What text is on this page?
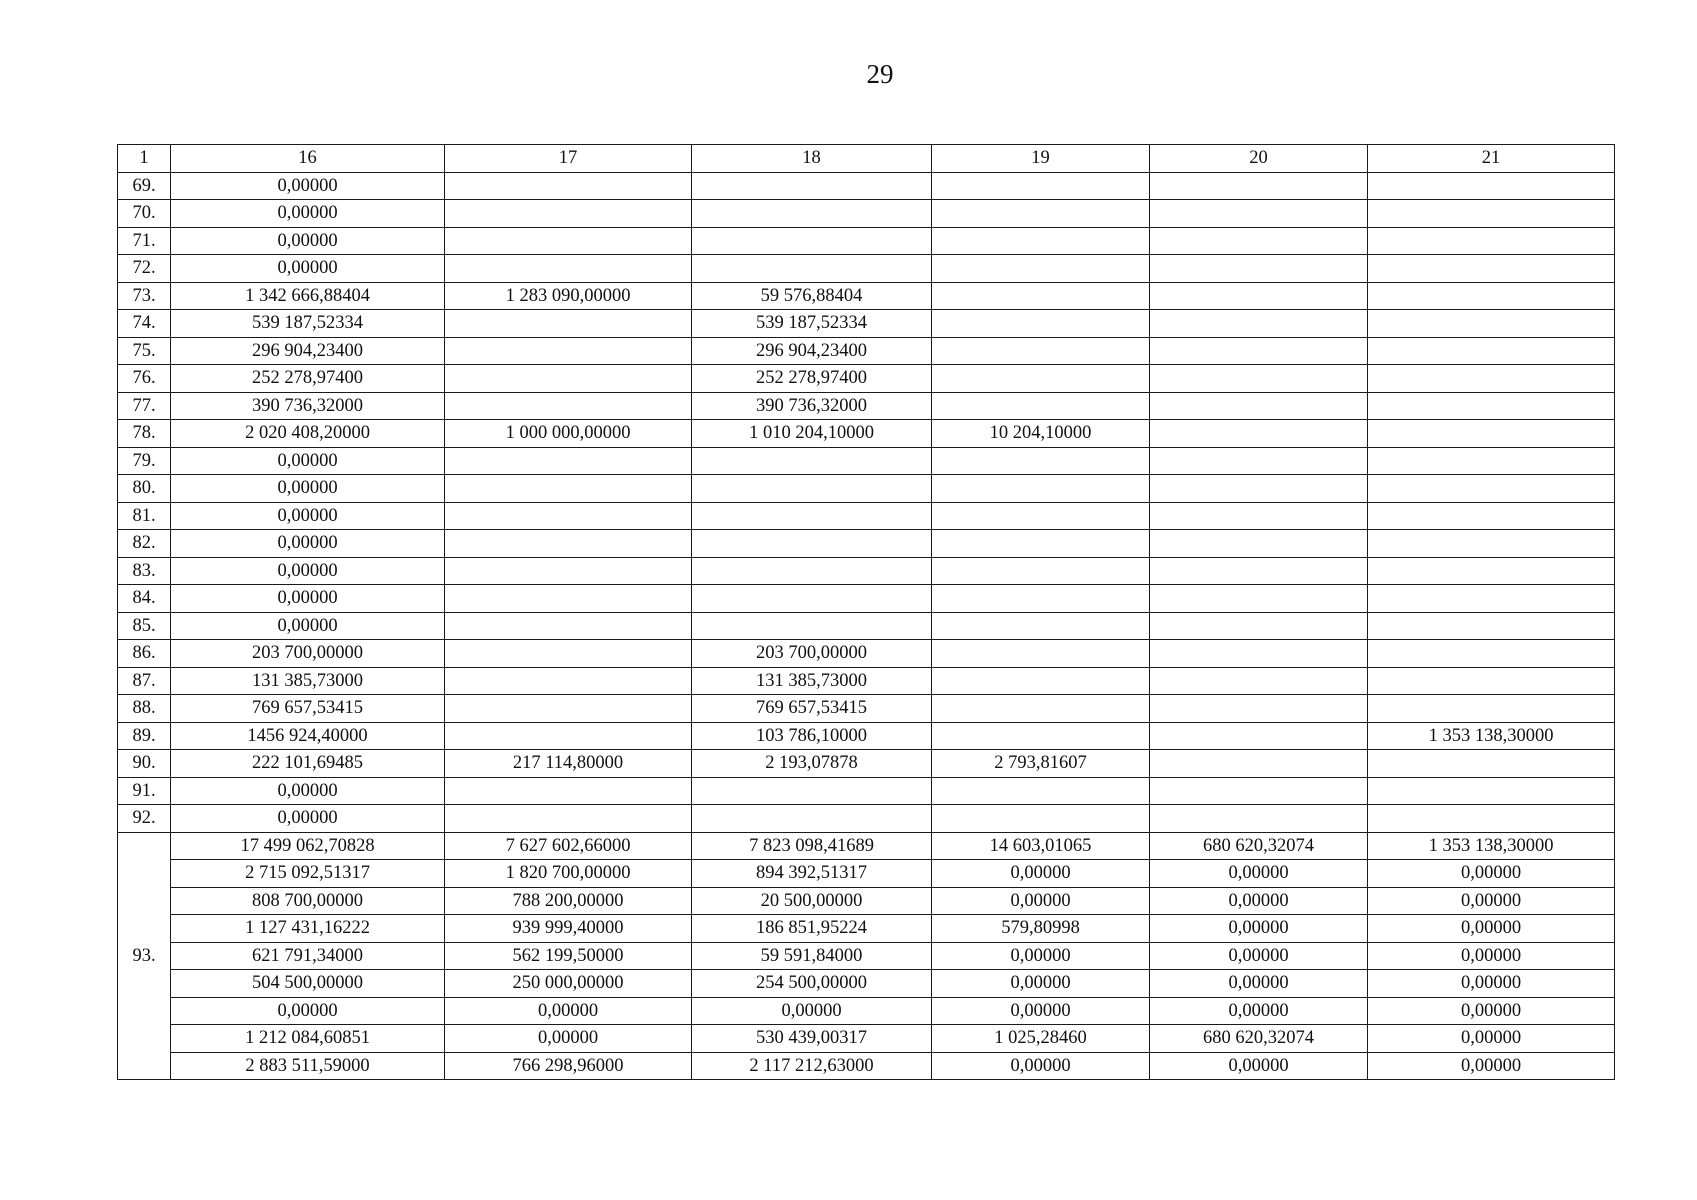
29
1	16	17	18	19	20	21
69.	0,00000					
70.	0,00000					
71.	0,00000					
72.	0,00000					
73.	1 342 666,88404	1 283 090,00000	59 576,88404			
74.	539 187,52334		539 187,52334			
75.	296 904,23400		296 904,23400			
76.	252 278,97400		252 278,97400			
77.	390 736,32000		390 736,32000			
78.	2 020 408,20000	1 000 000,00000	1 010 204,10000	10 204,10000		
79.	0,00000					
80.	0,00000					
81.	0,00000					
82.	0,00000					
83.	0,00000					
84.	0,00000					
85.	0,00000					
86.	203 700,00000		203 700,00000			
87.	131 385,73000		131 385,73000			
88.	769 657,53415		769 657,53415			
89.	1456 924,40000		103 786,10000			1 353 138,30000
90.	222 101,69485	217 114,80000	2 193,07878	2 793,81607		
91.	0,00000					
92.	0,00000					
93.	17 499 062,70828	7 627 602,66000	7 823 098,41689	14 603,01065	680 620,32074	1 353 138,30000
	2 715 092,51317	1 820 700,00000	894 392,51317	0,00000	0,00000	0,00000
	808 700,00000	788 200,00000	20 500,00000	0,00000	0,00000	0,00000
	1 127 431,16222	939 999,40000	186 851,95224	579,80998	0,00000	0,00000
	621 791,34000	562 199,50000	59 591,84000	0,00000	0,00000	0,00000
	504 500,00000	250 000,00000	254 500,00000	0,00000	0,00000	0,00000
	0,00000	0,00000	0,00000	0,00000	0,00000	0,00000
	1 212 084,60851	0,00000	530 439,00317	1 025,28460	680 620,32074	0,00000
	2 883 511,59000	766 298,96000	2 117 212,63000	0,00000	0,00000	0,00000
